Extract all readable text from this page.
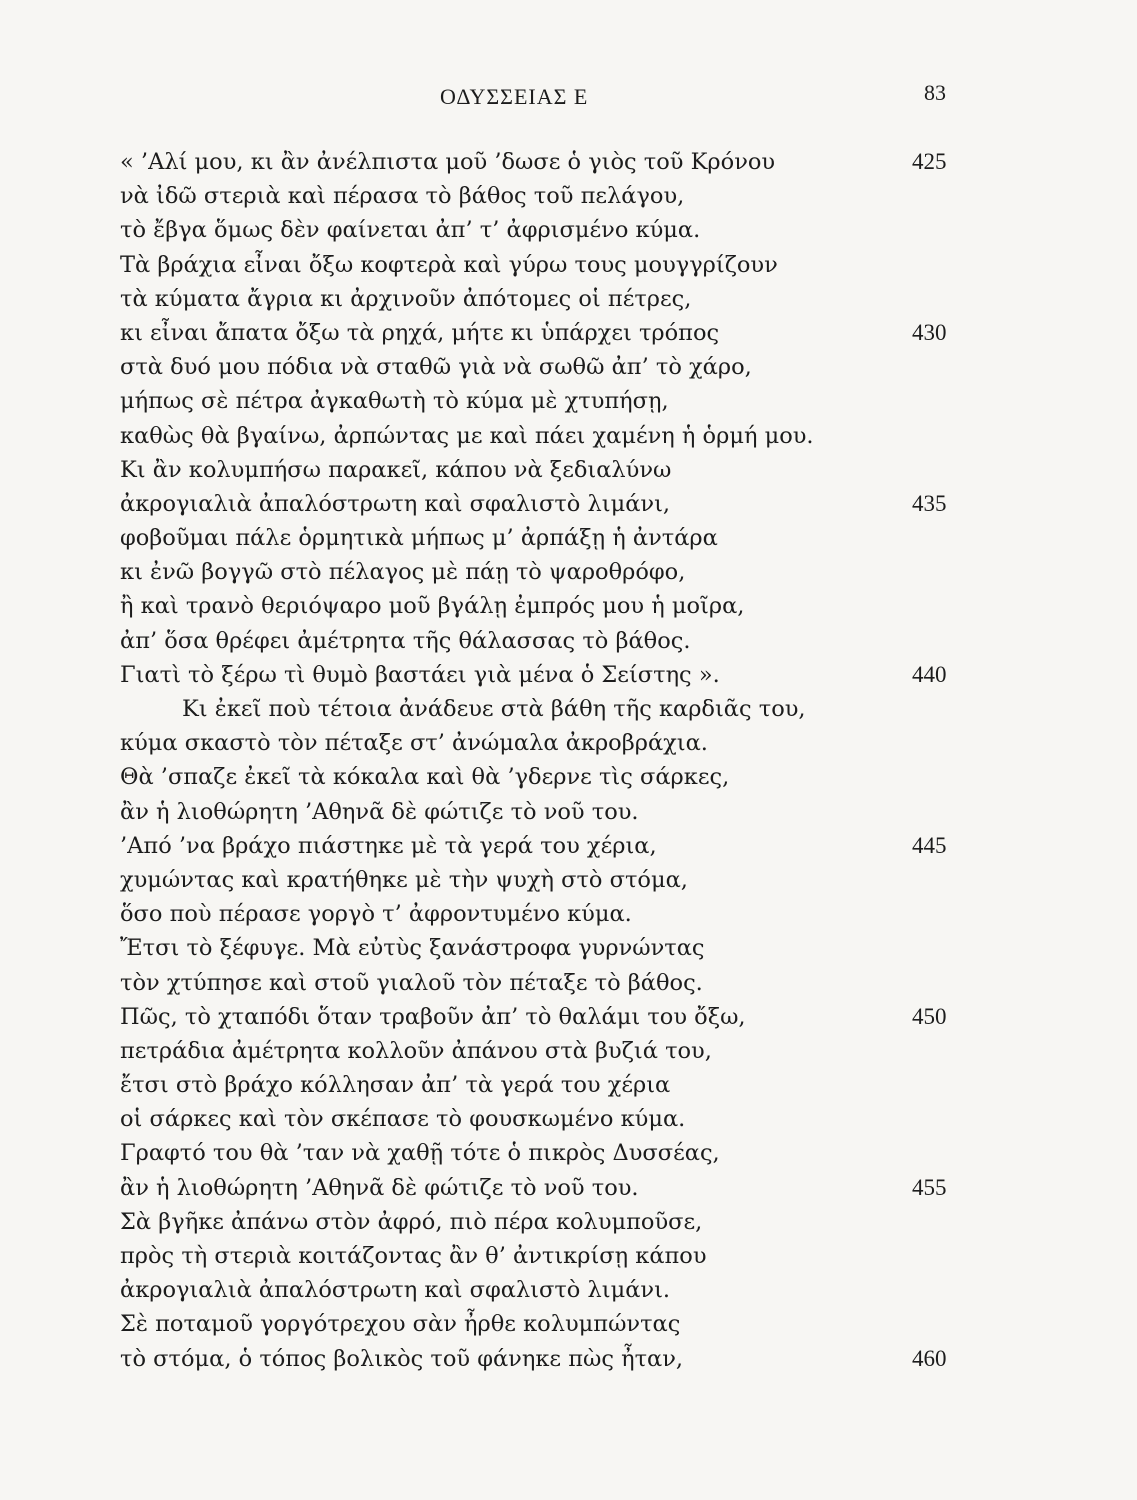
ΟΔΥΣΣΕΙΑΣ Ε	83
« ’Αλί μου, κι ἂν ἀνέλπιστα μοῦ ’δωσε ὁ γιὸς τοῦ Κρόνου	425
νὰ ἰδῶ στεριὰ καὶ πέρασα τὸ βάθος τοῦ πελάγου,
τὸ ἔβγα ὅμως δὲν φαίνεται ἀπ’ τ’ ἀφρισμένο κύμα.
Τὰ βράχια εἶναι ὄξω κοφτερὰ καὶ γύρω τους μουγγρίζουν
τὰ κύματα ἄγρια κι ἀρχινοῦν ἀπότομες οἱ πέτρες,
κι εἶναι ἄπατα ὄξω τὰ ρηχά, μήτε κι ὑπάρχει τρόπος	430
στὰ δυό μου πόδια νὰ σταθῶ γιὰ νὰ σωθῶ ἀπ’ τὸ χάρο,
μήπως σὲ πέτρα ἀγκαθωτὴ τὸ κύμα μὲ χτυπήσῃ,
καθὼς θὰ βγαίνω, ἀρπώντας με καὶ πάει χαμένη ἡ ὁρμή μου.
Κι ἂν κολυμπήσω παρακεῖ, κάπου νὰ ξεδιαλύνω
ἀκρογιαλιὰ ἀπαλόστρωτη καὶ σφαλιστὸ λιμάνι,	435
φοβοῦμαι πάλε ὁρμητικὰ μήπως μ’ ἀρπάξῃ ἡ ἀντάρα
κι ἐνῶ βογγῶ στὸ πέλαγος μὲ πάῃ τὸ ψαροθρόφο,
ἢ καὶ τρανὸ θεριόψαρο μοῦ βγάλῃ ἐμπρός μου ἡ μοῖρα,
ἀπ’ ὅσα θρέφει ἀμέτρητα τῆς θάλασσας τὸ βάθος.
Γιατὶ τὸ ξέρω τὶ θυμὸ βαστάει γιὰ μένα ὁ Σείστης ».	440
Κι ἐκεῖ ποὺ τέτοια ἀνάδευε στὰ βάθη τῆς καρδιᾶς του,
κύμα σκαστὸ τὸν πέταξε στ’ ἀνώμαλα ἀκροβράχια.
Θὰ ’σπαζε ἐκεῖ τὰ κόκαλα καὶ θὰ ’γδερνε τὶς σάρκες,
ἂν ἡ λιοθώρητη ’Αθηνᾶ δὲ φώτιζε τὸ νοῦ του.
’Από ’να βράχο πιάστηκε μὲ τὰ γερά του χέρια,	445
χυμώντας καὶ κρατήθηκε μὲ τὴν ψυχὴ στὸ στόμα,
ὅσο ποὺ πέρασε γοργὸ τ’ ἀφροντυμένο κύμα.
Ἔτσι τὸ ξέφυγε. Μὰ εὐτὺς ξανάστροφα γυρνώντας
τὸν χτύπησε καὶ στοῦ γιαλοῦ τὸν πέταξε τὸ βάθος.
Πῶς, τὸ χταπόδι ὅταν τραβοῦν ἀπ’ τὸ θαλάμι του ὄξω,	450
πετράδια ἀμέτρητα κολλοῦν ἀπάνου στὰ βυζιά του,
ἔτσι στὸ βράχο κόλλησαν ἀπ’ τὰ γερά του χέρια
οἱ σάρκες καὶ τὸν σκέπασε τὸ φουσκωμένο κύμα.
Γραφτό του θὰ ’ταν νὰ χαθῇ τότε ὁ πικρὸς Δυσσέας,
ἂν ἡ λιοθώρητη ’Αθηνᾶ δὲ φώτιζε τὸ νοῦ του.	455
Σὰ βγῆκε ἀπάνω στὸν ἀφρό, πιὸ πέρα κολυμποῦσε,
πρὸς τὴ στεριὰ κοιτάζοντας ἂν θ’ ἀντικρίσῃ κάπου
ἀκρογιαλιὰ ἀπαλόστρωτη καὶ σφαλιστὸ λιμάνι.
Σὲ ποταμοῦ γοργότρεχου σὰν ἦρθε κολυμπώντας
τὸ στόμα, ὁ τόπος βολικὸς τοῦ φάνηκε πὼς ἦταν,	460
